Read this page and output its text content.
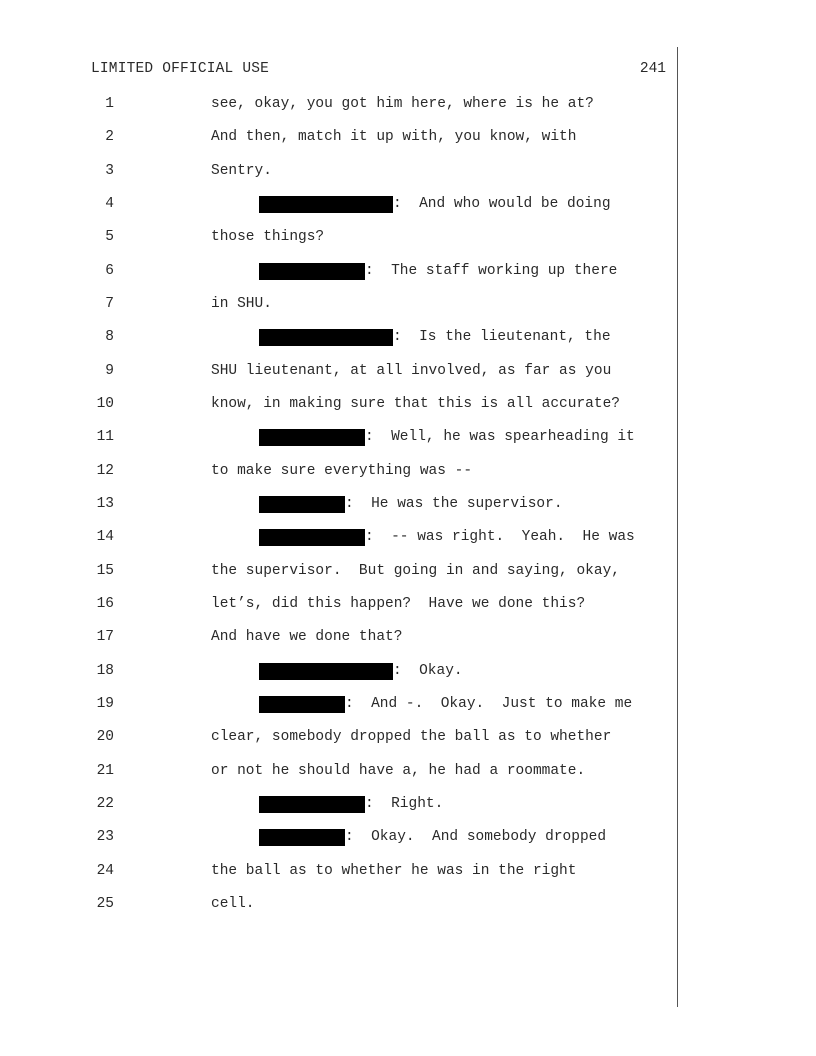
LIMITED OFFICIAL USE	241
1	see, okay, you got him here, where is he at?
2	And then, match it up with, you know, with
3	Sentry.
4	:  And who would be doing
5	those things?
6	:  The staff working up there
7	in SHU.
8	:  Is the lieutenant, the
9	SHU lieutenant, at all involved, as far as you
10	know, in making sure that this is all accurate?
11	:  Well, he was spearheading it
12	to make sure everything was --
13	:  He was the supervisor.
14	:  -- was right.  Yeah.  He was
15	the supervisor.  But going in and saying, okay,
16	let’s, did this happen?  Have we done this?
17	And have we done that?
18	:  Okay.
19	:  And -.  Okay.  Just to make me
20	clear, somebody dropped the ball as to whether
21	or not he should have a, he had a roommate.
22	:  Right.
23	:  Okay.  And somebody dropped
24	the ball as to whether he was in the right
25	cell.
